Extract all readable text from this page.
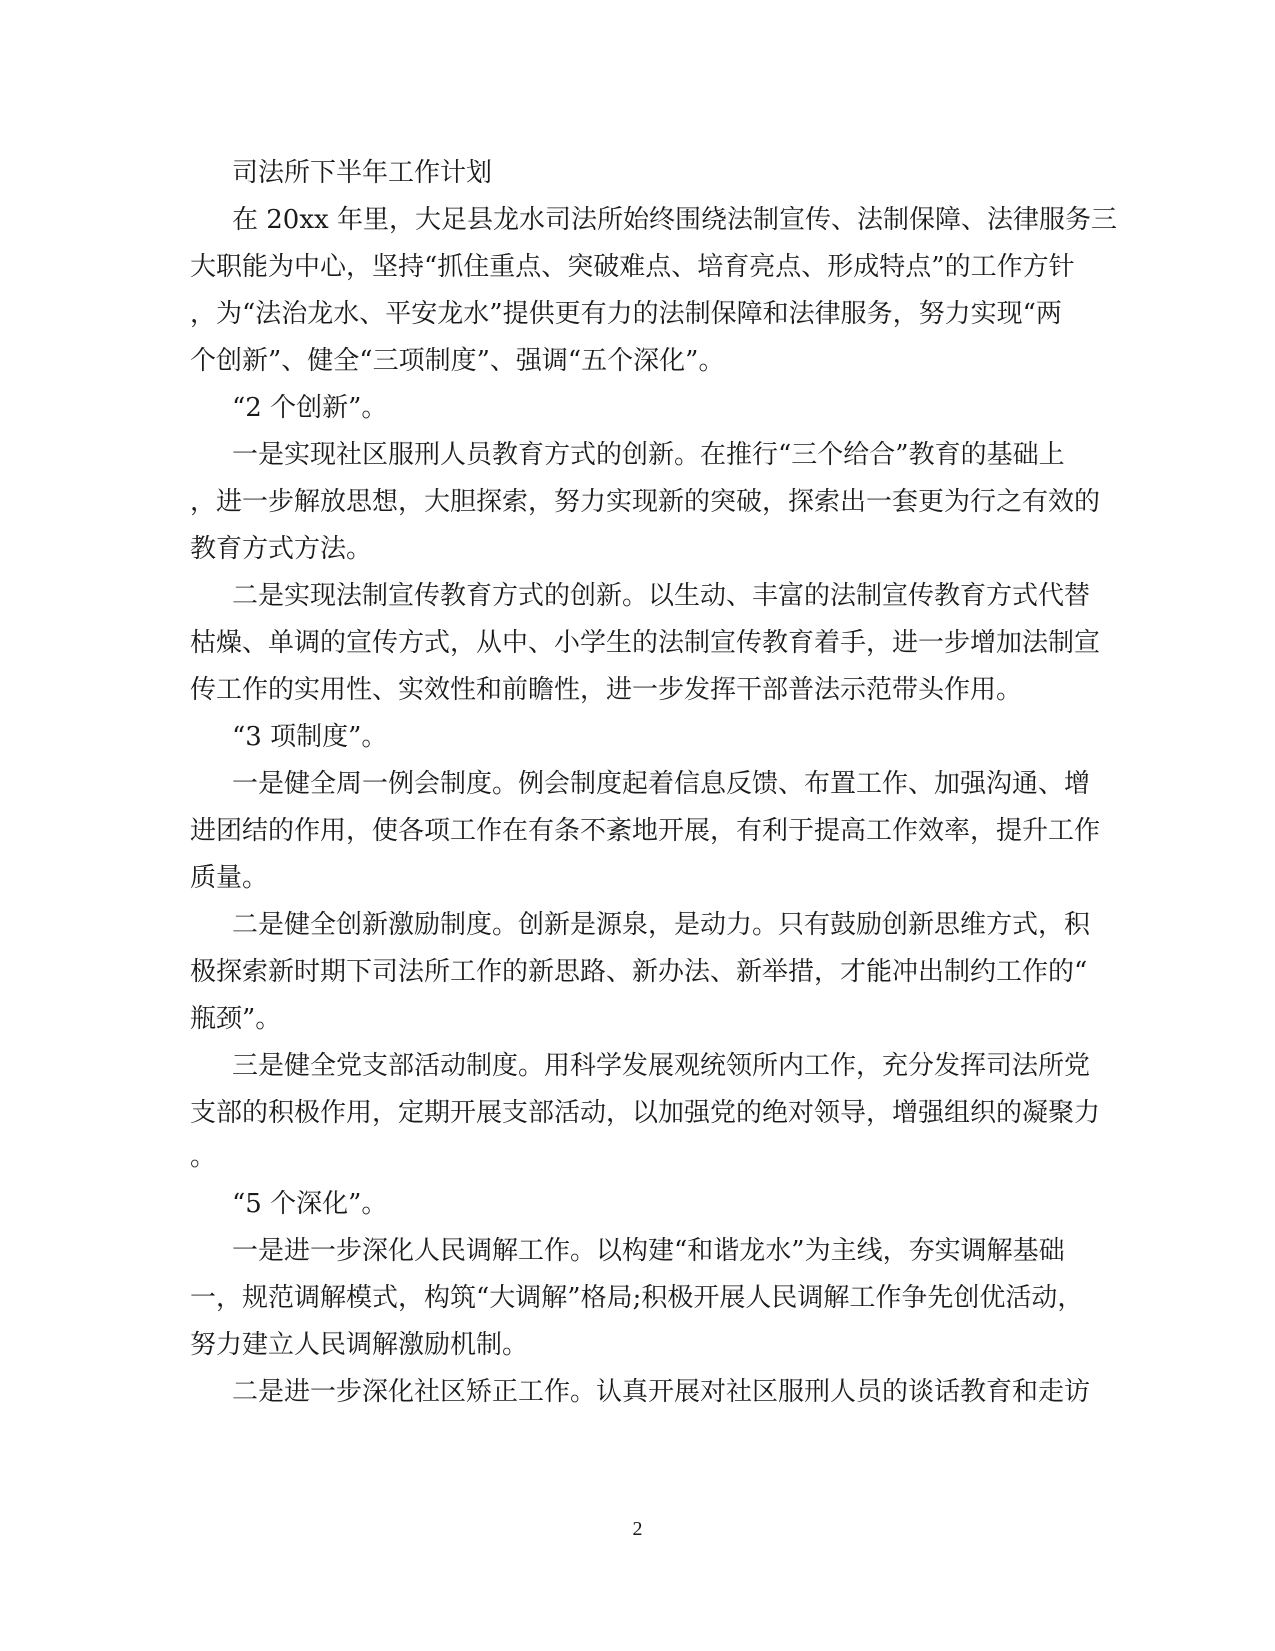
司法所下半年工作计划
在 20xx 年里，大足县龙水司法所始终围绕法制宣传、法制保障、法律服务三
大职能为中心，坚持“抓住重点、突破难点、培育亮点、形成特点”的工作方针
，为“法治龙水、平安龙水”提供更有力的法制保障和法律服务，努力实现“两
个创新”、健全“三项制度”、强调“五个深化”。
“2 个创新”。
一是实现社区服刑人员教育方式的创新。在推行“三个给合”教育的基础上
，进一步解放思想，大胆探索，努力实现新的突破，探索出一套更为行之有效的
教育方式方法。
二是实现法制宣传教育方式的创新。以生动、丰富的法制宣传教育方式代替
枯燥、单调的宣传方式，从中、小学生的法制宣传教育着手，进一步增加法制宣
传工作的实用性、实效性和前瞻性，进一步发挥干部普法示范带头作用。
“3 项制度”。
一是健全周一例会制度。例会制度起着信息反馈、布置工作、加强沟通、增
进团结的作用，使各项工作在有条不紊地开展，有利于提高工作效率，提升工作
质量。
二是健全创新激励制度。创新是源泉，是动力。只有鼓励创新思维方式，积
极探索新时期下司法所工作的新思路、新办法、新举措，才能冲出制约工作的“
瓶颈”。
三是健全党支部活动制度。用科学发展观统领所内工作，充分发挥司法所党
支部的积极作用，定期开展支部活动，以加强党的绝对领导，增强组织的凝聚力
。
“5 个深化”。
一是进一步深化人民调解工作。以构建“和谐龙水”为主线，夯实调解基础
一，规范调解模式，构筑“大调解”格局;积极开展人民调解工作争先创优活动，
努力建立人民调解激励机制。
二是进一步深化社区矫正工作。认真开展对社区服刑人员的谈话教育和走访
2
